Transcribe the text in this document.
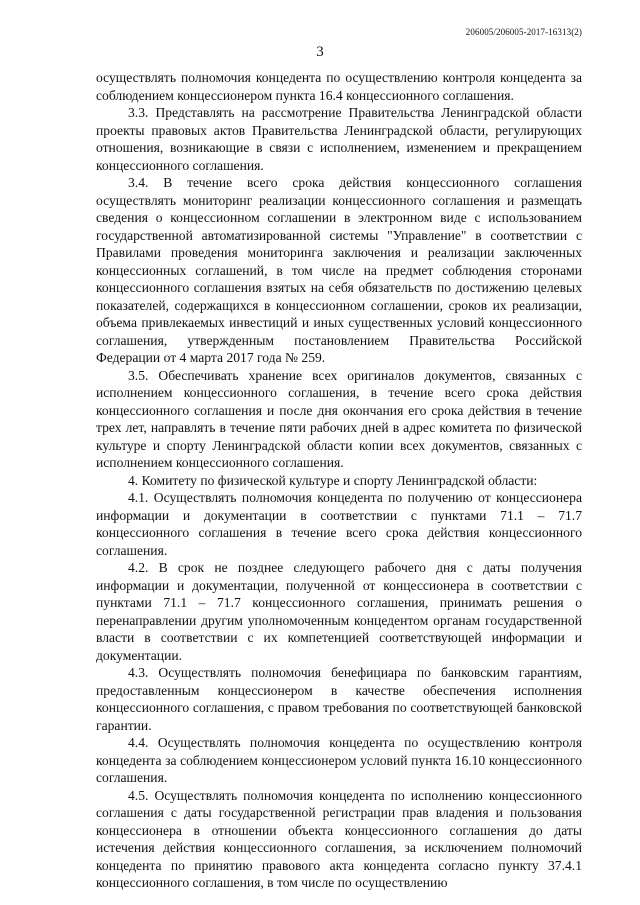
206005/206005-2017-16313(2)
3

осуществлять полномочия концедента по осуществлению контроля концедента за соблюдением концессионером пункта 16.4 концессионного соглашения.

3.3. Представлять на рассмотрение Правительства Ленинградской области проекты правовых актов Правительства Ленинградской области, регулирующих отношения, возникающие в связи с исполнением, изменением и прекращением концессионного соглашения.

3.4. В течение всего срока действия концессионного соглашения осуществлять мониторинг реализации концессионного соглашения и размещать сведения о концессионном соглашении в электронном виде с использованием государственной автоматизированной системы "Управление" в соответствии с Правилами проведения мониторинга заключения и реализации заключенных концессионных соглашений, в том числе на предмет соблюдения сторонами концессионного соглашения взятых на себя обязательств по достижению целевых показателей, содержащихся в концессионном соглашении, сроков их реализации, объема привлекаемых инвестиций и иных существенных условий концессионного соглашения, утвержденным постановлением Правительства Российской Федерации от 4 марта 2017 года № 259.

3.5. Обеспечивать хранение всех оригиналов документов, связанных с исполнением концессионного соглашения, в течение всего срока действия концессионного соглашения и после дня окончания его срока действия в течение трех лет, направлять в течение пяти рабочих дней в адрес комитета по физической культуре и спорту Ленинградской области копии всех документов, связанных с исполнением концессионного соглашения.

4. Комитету по физической культуре и спорту Ленинградской области:

4.1. Осуществлять полномочия концедента по получению от концессионера информации и документации в соответствии с пунктами 71.1 – 71.7 концессионного соглашения в течение всего срока действия концессионного соглашения.

4.2. В срок не позднее следующего рабочего дня с даты получения информации и документации, полученной от концессионера в соответствии с пунктами 71.1 – 71.7 концессионного соглашения, принимать решения о перенаправлении другим уполномоченным концедентом органам государственной власти в соответствии с их компетенцией соответствующей информации и документации.

4.3. Осуществлять полномочия бенефициара по банковским гарантиям, предоставленным концессионером в качестве обеспечения исполнения концессионного соглашения, с правом требования по соответствующей банковской гарантии.

4.4. Осуществлять полномочия концедента по осуществлению контроля концедента за соблюдением концессионером условий пункта 16.10 концессионного соглашения.

4.5. Осуществлять полномочия концедента по исполнению концессионного соглашения с даты государственной регистрации прав владения и пользования концессионера в отношении объекта концессионного соглашения до даты истечения действия концессионного соглашения, за исключением полномочий концедента по принятию правового акта концедента согласно пункту 37.4.1 концессионного соглашения, в том числе по осуществлению
